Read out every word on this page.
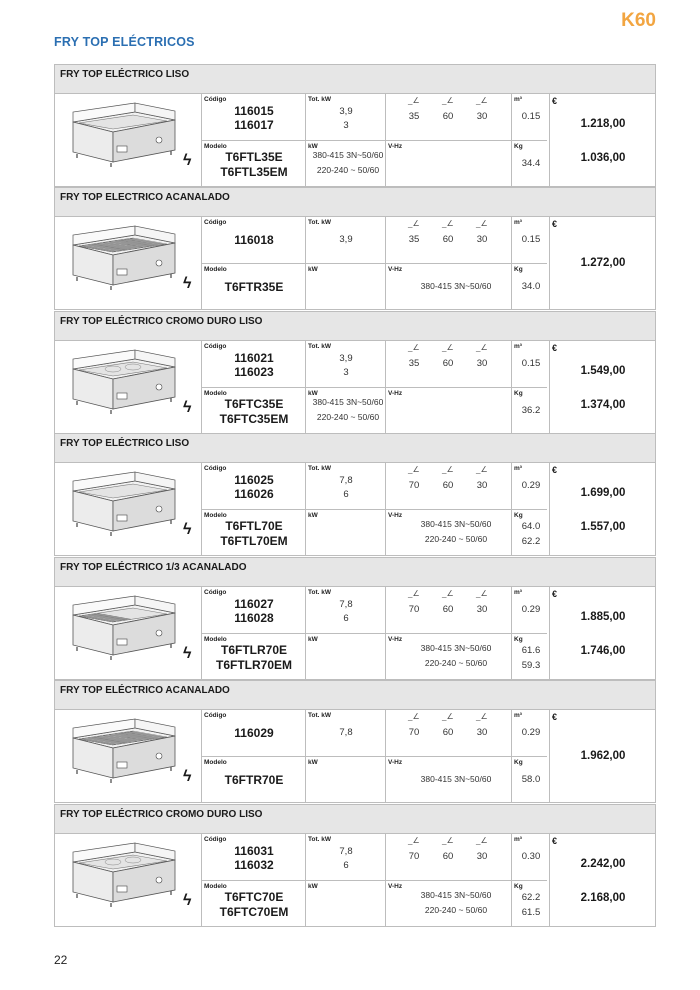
K60
FRY TOP ELÉCTRICOS
FRY TOP ELÉCTRICO LISO
ϟ
Código
116015
116017
Modelo
T6FTL35E
T6FTL35EM
Tot. kW
3,9
3
kW
380-415 3N~50/60
220-240 ~ 50/60
_∠
35
_∠
60
_∠
30
V-Hz
m³
0.15
Kg
34.4
€
1.218,00
1.036,00
FRY TOP ELECTRICO ACANALADO
ϟ
Código
116018
Modelo
T6FTR35E
Tot. kW
3,9
kW
_∠
35
_∠
60
_∠
30
V-Hz
380-415 3N~50/60
m³
0.15
Kg
34.0
€
1.272,00
FRY TOP ELÉCTRICO CROMO DURO LISO
ϟ
Código
116021
116023
Modelo
T6FTC35E
T6FTC35EM
Tot. kW
3,9
3
kW
380-415 3N~50/60
220-240 ~ 50/60
_∠
35
_∠
60
_∠
30
V-Hz
m³
0.15
Kg
36.2
€
1.549,00
1.374,00
FRY TOP ELÉCTRICO LISO
ϟ
Código
116025
116026
Modelo
T6FTL70E
T6FTL70EM
Tot. kW
7,8
6
kW
_∠
70
_∠
60
_∠
30
V-Hz
380-415 3N~50/60
220-240 ~ 50/60
m³
0.29
Kg
64.0
62.2
€
1.699,00
1.557,00
FRY TOP ELÉCTRICO 1/3 ACANALADO
ϟ
Código
116027
116028
Modelo
T6FTLR70E
T6FTLR70EM
Tot. kW
7,8
6
kW
_∠
70
_∠
60
_∠
30
V-Hz
380-415 3N~50/60
220-240 ~ 50/60
m³
0.29
Kg
61.6
59.3
€
1.885,00
1.746,00
FRY TOP ELÉCTRICO ACANALADO
ϟ
Código
116029
Modelo
T6FTR70E
Tot. kW
7,8
kW
_∠
70
_∠
60
_∠
30
V-Hz
380-415 3N~50/60
m³
0.29
Kg
58.0
€
1.962,00
FRY TOP ELÉCTRICO CROMO DURO LISO
ϟ
Código
116031
116032
Modelo
T6FTC70E
T6FTC70EM
Tot. kW
7,8
6
kW
_∠
70
_∠
60
_∠
30
V-Hz
380-415 3N~50/60
220-240 ~ 50/60
m³
0.30
Kg
62.2
61.5
€
2.242,00
2.168,00
22
